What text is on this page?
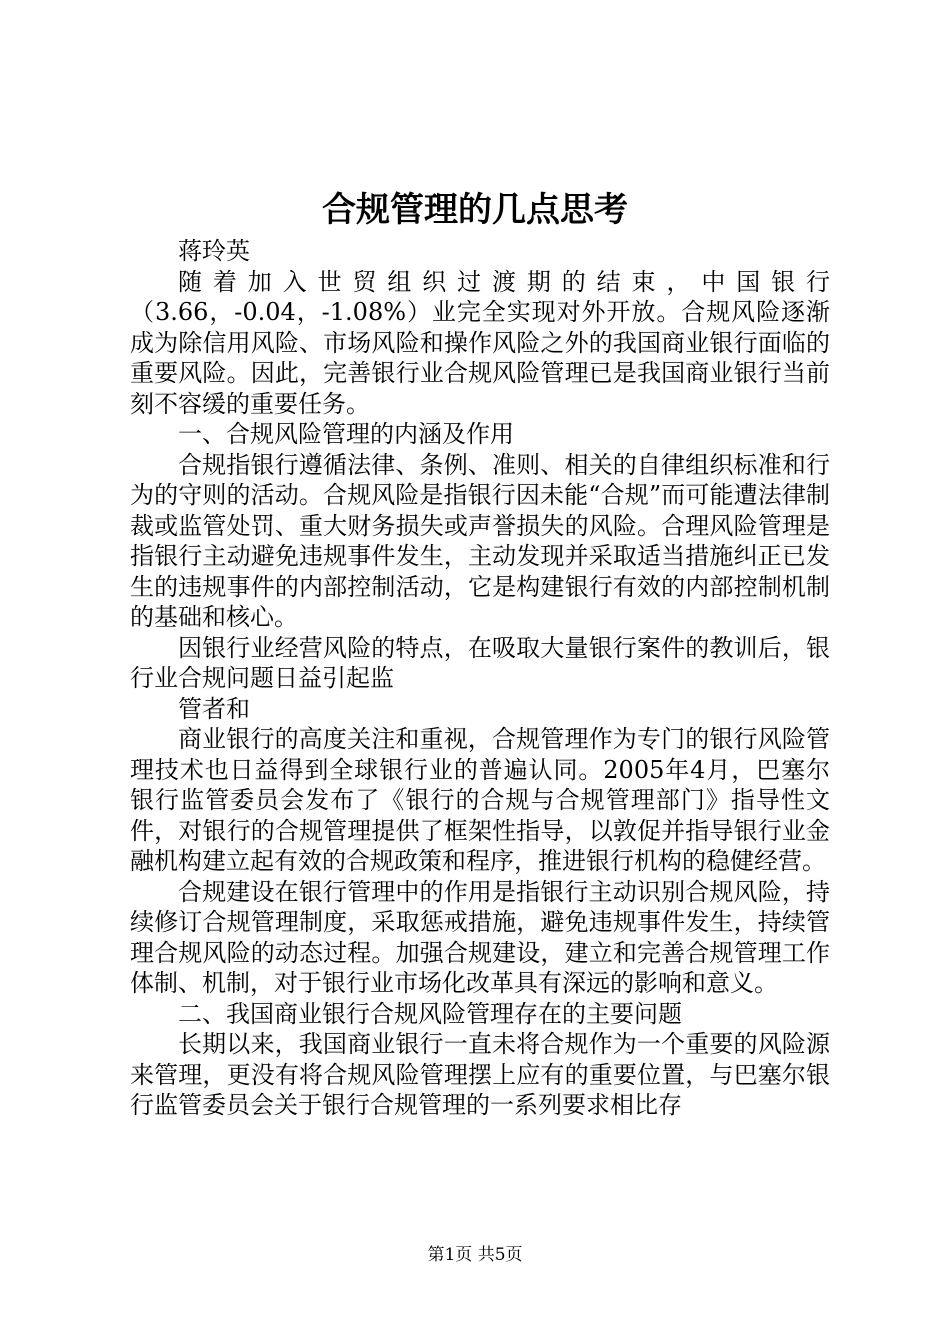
合规管理的几点思考

蒋玲英

随着加入世贸组织过渡期的结束，中国银行（3.66，-0.04，-1.08%）业完全实现对外开放。合规风险逐渐成为除信用风险、市场风险和操作风险之外的我国商业银行面临的重要风险。因此，完善银行业合规风险管理已是我国商业银行当前刻不容缓的重要任务。

一、合规风险管理的内涵及作用

合规指银行遵循法律、条例、准则、相关的自律组织标准和行为的守则的活动。合规风险是指银行因未能“合规”而可能遭法律制裁或监管处罚、重大财务损失或声誉损失的风险。合理风险管理是指银行主动避免违规事件发生，主动发现并采取适当措施纠正已发生的违规事件的内部控制活动，它是构建银行有效的内部控制机制的基础和核心。

因银行业经营风险的特点，在吸取大量银行案件的教训后，银行业合规问题日益引起监

管者和

商业银行的高度关注和重视，合规管理作为专门的银行风险管理技术也日益得到全球银行业的普遍认同。2005年4月，巴塞尔银行监管委员会发布了《银行的合规与合规管理部门》指导性文件，对银行的合规管理提供了框架性指导，以敦促并指导银行业金融机构建立起有效的合规政策和程序，推进银行机构的稳健经营。

合规建设在银行管理中的作用是指银行主动识别合规风险，持续修订合规管理制度，采取惩戒措施，避免违规事件发生，持续管理合规风险的动态过程。加强合规建设，建立和完善合规管理工作体制、机制，对于银行业市场化改革具有深远的影响和意义。

二、我国商业银行合规风险管理存在的主要问题

长期以来，我国商业银行一直未将合规作为一个重要的风险源来管理，更没有将合规风险管理摆上应有的重要位置，与巴塞尔银行监管委员会关于银行合规管理的一系列要求相比存

第1页 共5页
